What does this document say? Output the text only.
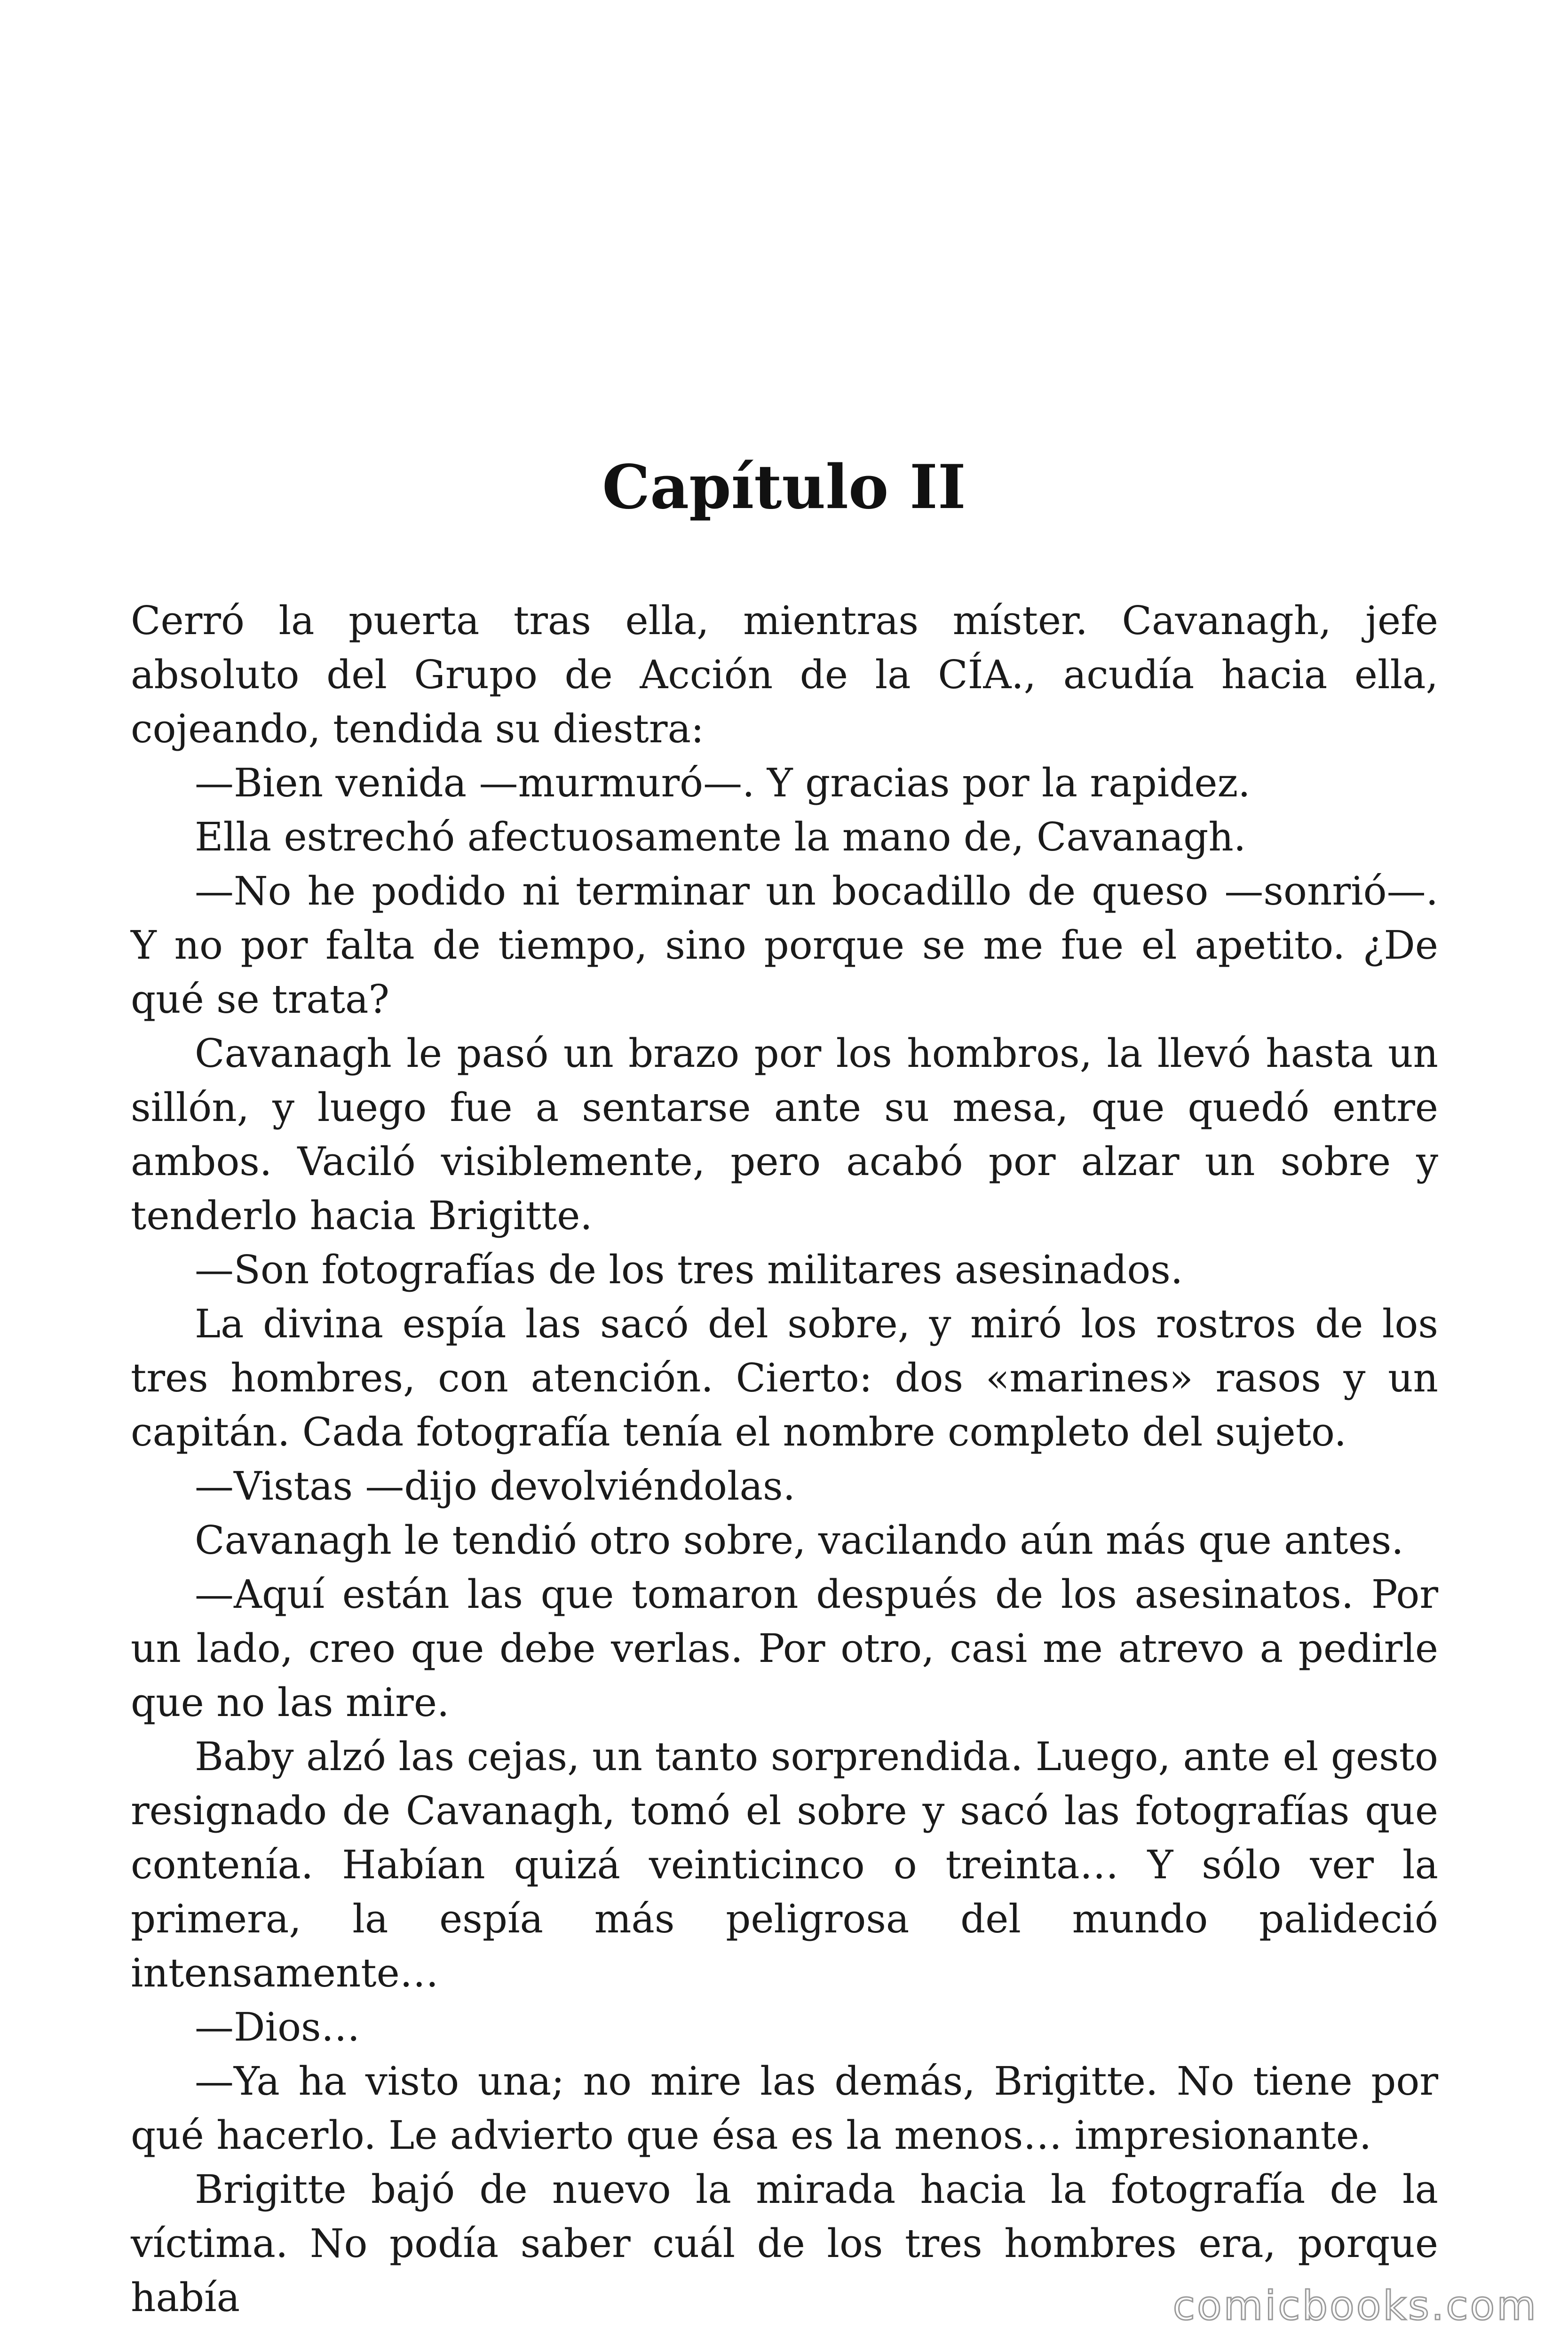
Capítulo II

Cerró la puerta tras ella, mientras míster. Cavanagh, jefe absoluto del Grupo de Acción de la CÍA., acudía hacia ella, cojeando, tendida su diestra:

—Bien venida —murmuró—. Y gracias por la rapidez.

Ella estrechó afectuosamente la mano de, Cavanagh.

—No he podido ni terminar un bocadillo de queso —sonrió—. Y no por falta de tiempo, sino porque se me fue el apetito. ¿De qué se trata?

Cavanagh le pasó un brazo por los hombros, la llevó hasta un sillón, y luego fue a sentarse ante su mesa, que quedó entre ambos. Vaciló visiblemente, pero acabó por alzar un sobre y tenderlo hacia Brigitte.

—Son fotografías de los tres militares asesinados.

La divina espía las sacó del sobre, y miró los rostros de los tres hombres, con atención. Cierto: dos «marines» rasos y un capitán. Cada fotografía tenía el nombre completo del sujeto.

—Vistas —dijo devolviéndolas.

Cavanagh le tendió otro sobre, vacilando aún más que antes.

—Aquí están las que tomaron después de los asesinatos. Por un lado, creo que debe verlas. Por otro, casi me atrevo a pedirle que no las mire.

Baby alzó las cejas, un tanto sorprendida. Luego, ante el gesto resignado de Cavanagh, tomó el sobre y sacó las fotografías que contenía. Habían quizá veinticinco o treinta… Y sólo ver la primera, la espía más peligrosa del mundo palideció intensamente…

—Dios…

—Ya ha visto una; no mire las demás, Brigitte. No tiene por qué hacerlo. Le advierto que ésa es la menos… impresionante.

Brigitte bajó de nuevo la mirada hacia la fotografía de la víctima. No podía saber cuál de los tres hombres era, porque había	comicbooks.com
